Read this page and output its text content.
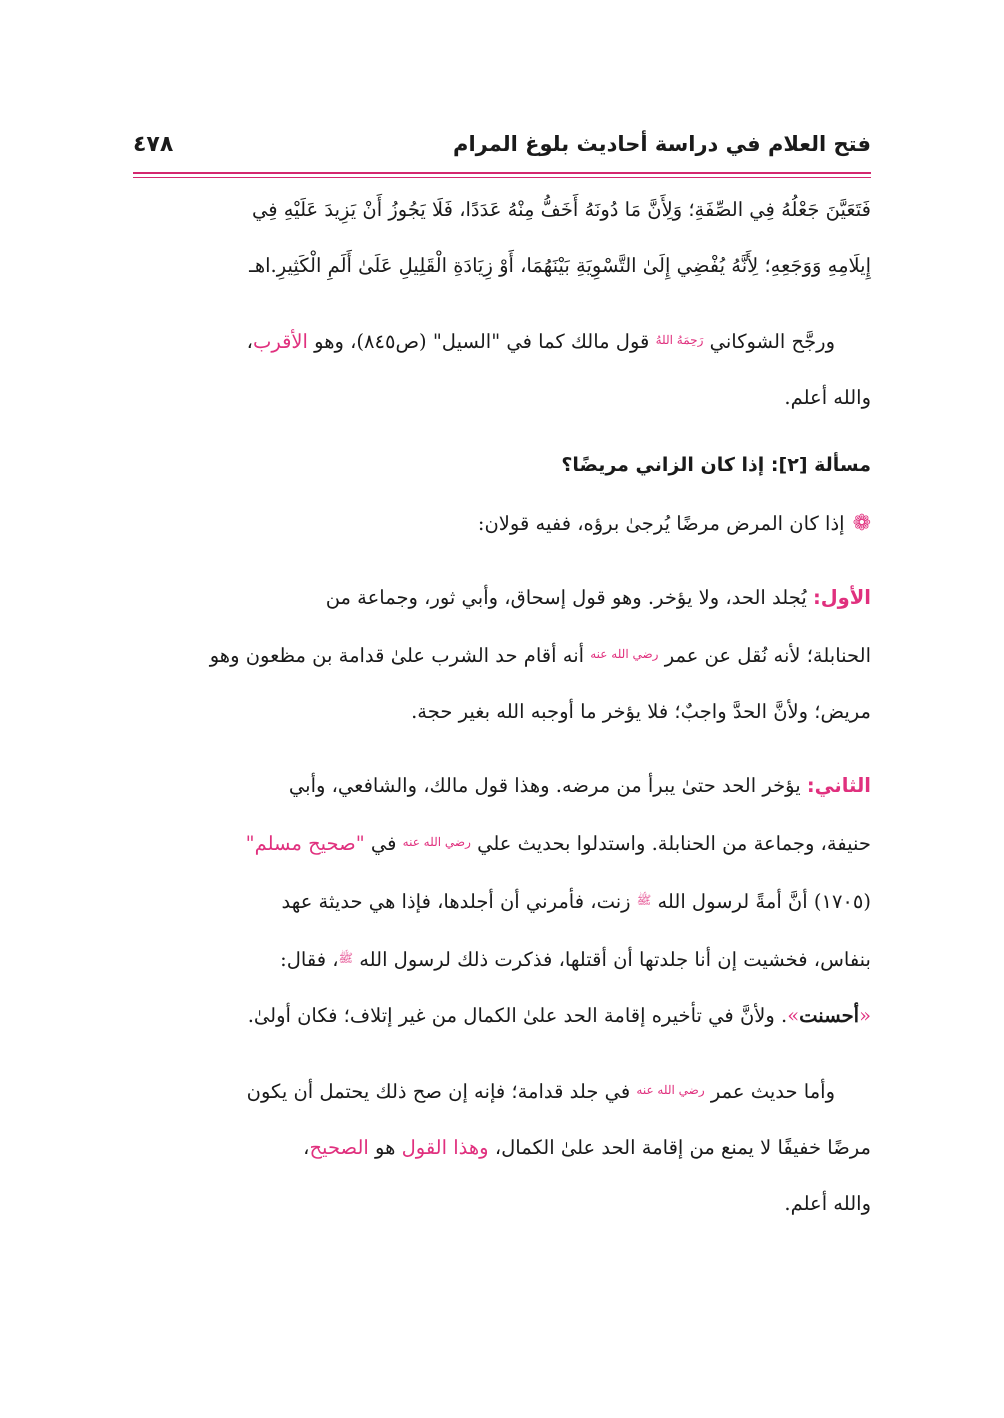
فتح العلام في دراسة أحاديث بلوغ المرام
٤٧٨

فَتَعَيَّنَ جَعْلُهُ فِي الصِّفَةِ؛ وَلِأَنَّ مَا دُونَهُ أَخَفُّ مِنْهُ عَدَدًا، فَلَا يَجُوزُ أَنْ يَزِيدَ عَلَيْهِ فِي

إِيلَامِهِ وَوَجَعِهِ؛ لِأَنَّهُ يُفْضِي إِلَىٰ التَّسْوِيَةِ بَيْنَهُمَا، أَوْ زِيَادَةِ الْقَلِيلِ عَلَىٰ أَلَمِ الْكَثِيرِ.اهـ

ورجَّح الشوكاني $^{رَحِمَهُ اللهُ}$ قول مالك كما في "السيل" (ص٨٤٥)، وهو الأقرب،

والله أعلم.

مسألة [٢]: إذا كان الزاني مريضًا؟

❁إذا كان المرض مرضًا يُرجىٰ برؤه، ففيه قولان:

الأول: يُجلد الحد، ولا يؤخر. وهو قول إسحاق، وأبي ثور، وجماعة من

الحنابلة؛ لأنه نُقل عن عمر $^{رضي الله عنه}$ أنه أقام حد الشرب علىٰ قدامة بن مظعون وهو

مريض؛ ولأنَّ الحدَّ واجبٌ؛ فلا يؤخر ما أوجبه الله بغير حجة.

الثاني: يؤخر الحد حتىٰ يبرأ من مرضه. وهذا قول مالك، والشافعي، وأبي

حنيفة، وجماعة من الحنابلة. واستدلوا بحديث علي $^{رضي الله عنه}$ في "صحيح مسلم"

(١٧٠٥) أنَّ أمةً لرسول الله $^ﷺ$ زنت، فأمرني أن أجلدها، فإذا هي حديثة عهد

بنفاس، فخشيت إن أنا جلدتها أن أقتلها، فذكرت ذلك لرسول الله $^ﷺ$، فقال:

«أحسنت». ولأنَّ في تأخيره إقامة الحد علىٰ الكمال من غير إتلاف؛ فكان أولىٰ.

وأما حديث عمر $^{رضي الله عنه}$ في جلد قدامة؛ فإنه إن صح ذلك يحتمل أن يكون

مرضًا خفيفًا لا يمنع من إقامة الحد علىٰ الكمال، وهذا القول هو الصحيح،

والله أعلم.
